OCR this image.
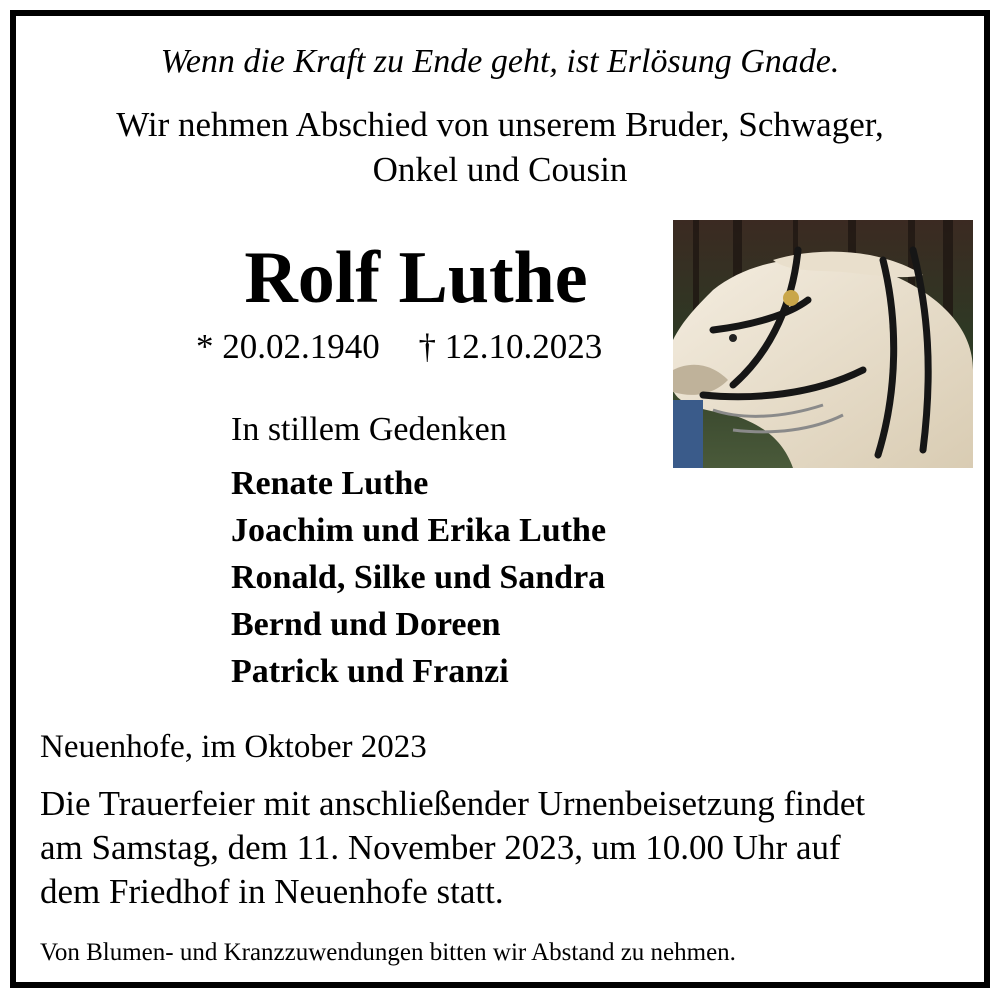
Wenn die Kraft zu Ende geht, ist Erlösung Gnade.
Wir nehmen Abschied von unserem Bruder, Schwager,
Onkel und Cousin
Rolf Luthe
* 20.02.1940 † 12.10.2023
In stillem Gedenken
Renate Luthe
Joachim und Erika Luthe
Ronald, Silke und Sandra
Bernd und Doreen
Patrick und Franzi
Neuenhofe, im Oktober 2023
Die Trauerfeier mit anschließender Urnenbeisetzung findet
am Samstag, dem 11. November 2023, um 10.00 Uhr auf
dem Friedhof in Neuenhofe statt.
Von Blumen- und Kranzzuwendungen bitten wir Abstand zu nehmen.
